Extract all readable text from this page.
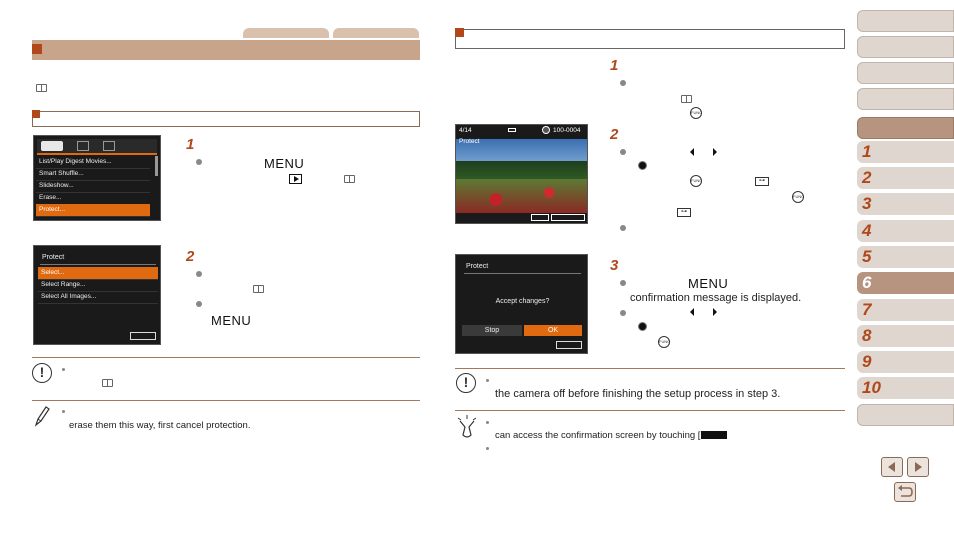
List/Play Digest Movies...
Smart Shuffle...
Slideshow...
Erase...
Protect...
1
MENU
Protect
Select...
Select Range...
Select All Images...
2
MENU
!
erase them this way, first cancel protection.
1
FUNC
4/14	100-0004
Protect	2
FUNC	⊶
FUNC
⊶
Protect
Accept changes?
Stop	OK
3
MENU
confirmation message is displayed.
FUNC
!
the camera off before finishing the setup process in step 3.
can access the confirmation screen by touching [
1
2
3
4
5
6
7
8
9
10
